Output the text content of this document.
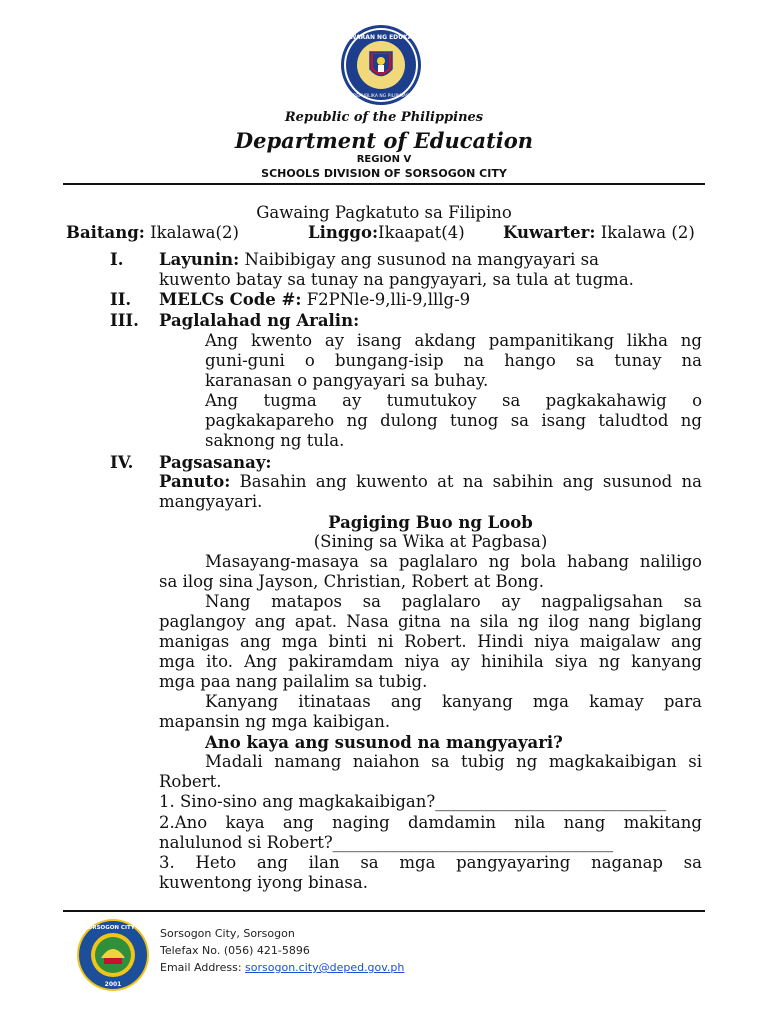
KAGAWARAN NG EDUKASYON
REPUBLIKA NG PILIPINAS
Republic of the Philippines
Department of Education
REGION V
SCHOOLS DIVISION OF SORSOGON CITY
Gawaing Pagkatuto sa Filipino
Baitang: Ikalawa(2)	Linggo:Ikaapat(4) Kuwarter: Ikalawa (2)
I. Layunin: Naibibigay ang susunod na mangyayari sa
kuwento batay sa tunay na pangyayari, sa tula at tugma.
II. MELCs Code #: F2PNle-9,lli-9,lllg-9
III. Paglalahad ng Aralin:
Ang kwento ay isang akdang pampanitikang likha ng
guni-guni o bungang-isip na hango sa tunay na
karanasan o pangyayari sa buhay.
Ang tugma ay tumutukoy sa pagkakahawig o
pagkakapareho ng dulong tunog sa isang taludtod ng
saknong ng tula.
IV. Pagsasanay:
Panuto: Basahin ang kuwento at na sabihin ang susunod na
mangyayari.
Pagiging Buo ng Loob
(Sining sa Wika at Pagbasa)
Masayang-masaya sa paglalaro ng bola habang naliligo
sa ilog sina Jayson, Christian, Robert at Bong.
Nang matapos sa paglalaro ay nagpaligsahan sa
paglangoy ang apat. Nasa gitna na sila ng ilog nang biglang
manigas ang mga binti ni Robert. Hindi niya maigalaw ang
mga ito. Ang pakiramdam niya ay hinihila siya ng kanyang
mga paa nang pailalim sa tubig.
Kanyang itinataas ang kanyang mga kamay para
mapansin ng mga kaibigan.
Ano kaya ang susunod na mangyayari?
Madali namang naiahon sa tubig ng magkakaibigan si
Robert.
1. Sino-sino ang magkakaibigan?____________________________
2.Ano kaya ang naging damdamin nila nang makitang
nalulunod si Robert?__________________________________
3. Heto ang ilan sa mga pangyayaring naganap sa
kuwentong iyong binasa.
DEPED SORSOGON CITY DIVISION
2001
Sorsogon City, Sorsogon
Telefax No. (056) 421-5896
Email Address: sorsogon.city@deped.gov.ph
